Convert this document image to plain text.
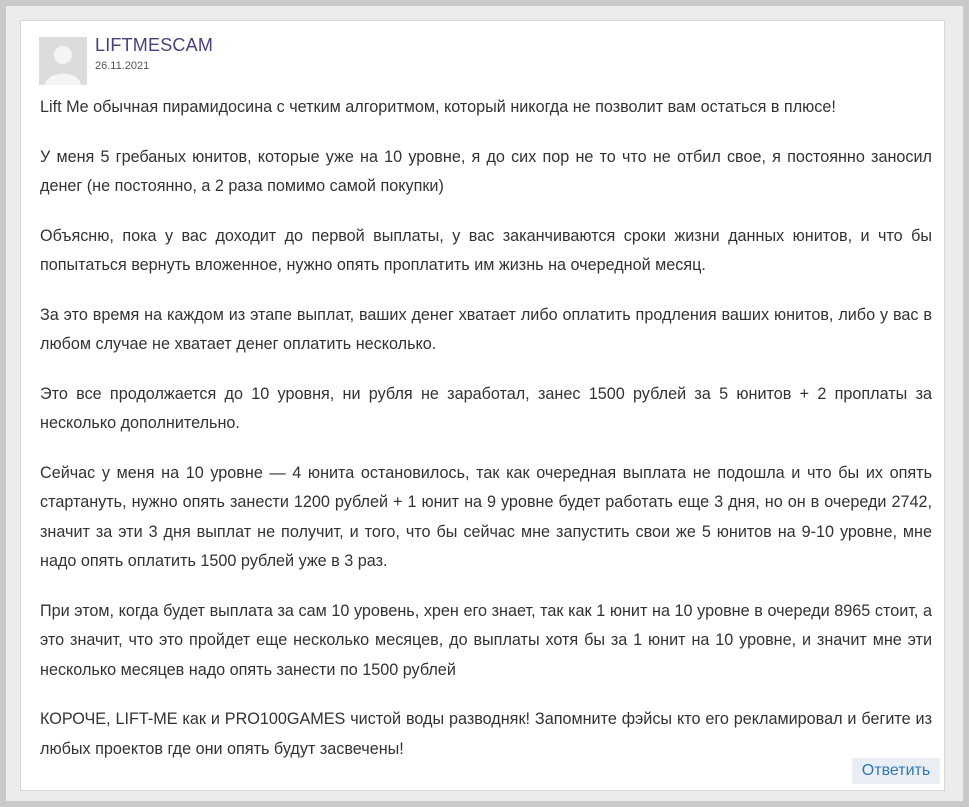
LIFTMESCAM
26.11.2021

Lift Me обычная пирамидосина с четким алгоритмом, который никогда не позволит вам остаться в плюсе!

У меня 5 гребаных юнитов, которые уже на 10 уровне, я до сих пор не то что не отбил свое, я постоянно заносил денег (не постоянно, а 2 раза помимо самой покупки)

Объясню, пока у вас доходит до первой выплаты, у вас заканчиваются сроки жизни данных юнитов, и что бы попытаться вернуть вложенное, нужно опять проплатить им жизнь на очередной месяц.

За это время на каждом из этапе выплат, ваших денег хватает либо оплатить продления ваших юнитов, либо у вас в любом случае не хватает денег оплатить несколько.

Это все продолжается до 10 уровня, ни рубля не заработал, занес 1500 рублей за 5 юнитов + 2 проплаты за несколько дополнительно.

Сейчас у меня на 10 уровне — 4 юнита остановилось, так как очередная выплата не подошла и что бы их опять стартануть, нужно опять занести 1200 рублей + 1 юнит на 9 уровне будет работать еще 3 дня, но он в очереди 2742, значит за эти 3 дня выплат не получит, и того, что бы сейчас мне запустить свои же 5 юнитов на 9-10 уровне, мне надо опять оплатить 1500 рублей уже в 3 раз.

При этом, когда будет выплата за сам 10 уровень, хрен его знает, так как 1 юнит на 10 уровне в очереди 8965 стоит, а это значит, что это пройдет еще несколько месяцев, до выплаты хотя бы за 1 юнит на 10 уровне, и значит мне эти несколько месяцев надо опять занести по 1500 рублей

КОРОЧЕ, LIFT-ME как и PRO100GAMES чистой воды разводняк! Запомните фэйсы кто его рекламировал и бегите из любых проектов где они опять будут засвечены!

Ответить
